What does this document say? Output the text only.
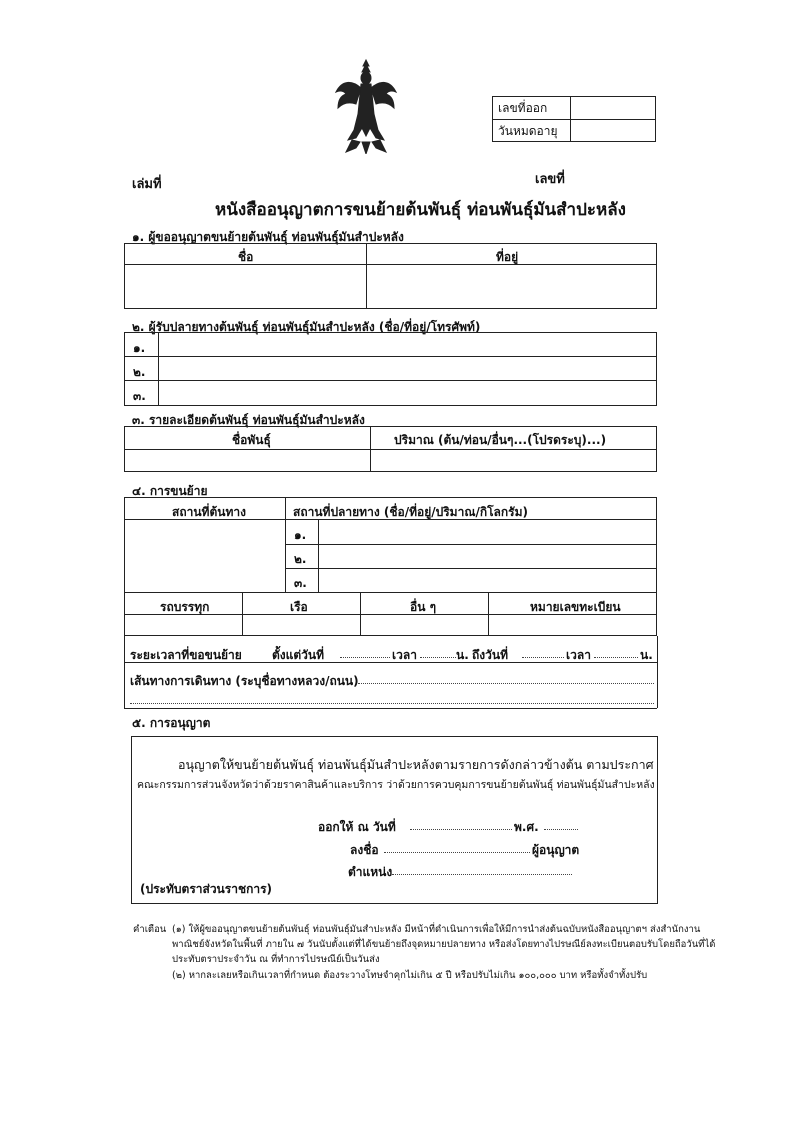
เลขที่ออก
วันหมดอายุ
เล่มที่	เลขที่
หนังสืออนุญาตการขนย้ายต้นพันธุ์ ท่อนพันธุ์มันสำปะหลัง
๑. ผู้ขออนุญาตขนย้ายต้นพันธุ์ ท่อนพันธุ์มันสำปะหลัง
ชื่อ	ที่อยู่
๒. ผู้รับปลายทางต้นพันธุ์ ท่อนพันธุ์มันสำปะหลัง (ชื่อ/ที่อยู่/โทรศัพท์)
๑.
๒.
๓.
๓. รายละเอียดต้นพันธุ์ ท่อนพันธุ์มันสำปะหลัง
ชื่อพันธุ์	ปริมาณ (ต้น/ท่อน/อื่นๆ...(โปรดระบุ)...)
๔. การขนย้าย
สถานที่ต้นทาง	สถานที่ปลายทาง (ชื่อ/ที่อยู่/ปริมาณ/กิโลกรัม)
๑.
๒.
๓.
รถบรรทุก	เรือ	อื่น ๆ	หมายเลขทะเบียน
ระยะเวลาที่ขอขนย้าย	ตั้งแต่วันที่	เวลา	น. ถึงวันที่	เวลา	น.
เส้นทางการเดินทาง (ระบุชื่อทางหลวง/ถนน)
๕. การอนุญาต
อนุญาตให้ขนย้ายต้นพันธุ์ ท่อนพันธุ์มันสำปะหลังตามรายการดังกล่าวข้างต้น ตามประกาศ
คณะกรรมการส่วนจังหวัดว่าด้วยราคาสินค้าและบริการ ว่าด้วยการควบคุมการขนย้ายต้นพันธุ์ ท่อนพันธุ์มันสำปะหลัง
ออกให้ ณ วันที่	พ.ศ.
ลงชื่อ	ผู้อนุญาต
ตำแหน่ง
(ประทับตราส่วนราชการ)
คำเตือน (๑) ให้ผู้ขออนุญาตขนย้ายต้นพันธุ์ ท่อนพันธุ์มันสำปะหลัง มีหน้าที่ดำเนินการเพื่อให้มีการนำส่งต้นฉบับหนังสืออนุญาตฯ ส่งสำนักงาน
พาณิชย์จังหวัดในพื้นที่ ภายใน ๗ วันนับตั้งแต่ที่ได้ขนย้ายถึงจุดหมายปลายทาง หรือส่งโดยทางไปรษณีย์ลงทะเบียนตอบรับโดยถือวันที่ได้
ประทับตราประจำวัน ณ ที่ทำการไปรษณีย์เป็นวันส่ง
(๒) หากละเลยหรือเกินเวลาที่กำหนด ต้องระวางโทษจำคุกไม่เกิน ๕ ปี หรือปรับไม่เกิน ๑๐๐,๐๐๐ บาท หรือทั้งจำทั้งปรับ
